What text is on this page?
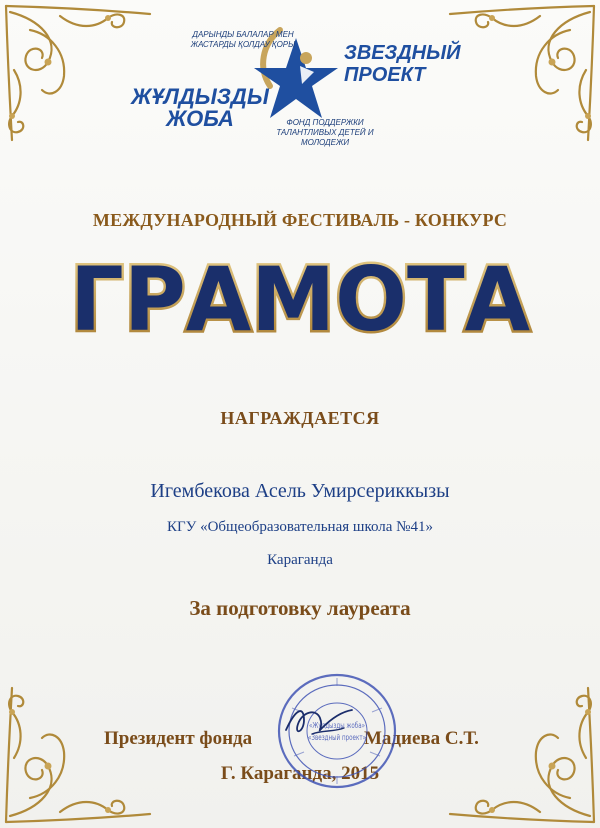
ДАРЫНДЫ БАЛАЛАР МЕН ЖАСТАРДЫ ҚОЛДАУ ҚОРЫ
ЖҰЛДЫЗДЫ ЖОБА
ЗВЕЗДНЫЙ ПРОЕКТ
ФОНД ПОДДЕРЖКИ ТАЛАНТЛИВЫХ ДЕТЕЙ И МОЛОДЕЖИ
МЕЖДУНАРОДНЫЙ ФЕСТИВАЛЬ - КОНКУРС
ГРАМОТА
НАГРАЖДАЕТСЯ
Игембекова Асель Умирсериккызы
КГУ «Общеобразовательная школа №41»
Караганда
За подготовку лауреата
Президент фонда	Мадиева С.Т.
Г. Караганда, 2015
«Жұлдызды жоба»
«Звездный проект»
